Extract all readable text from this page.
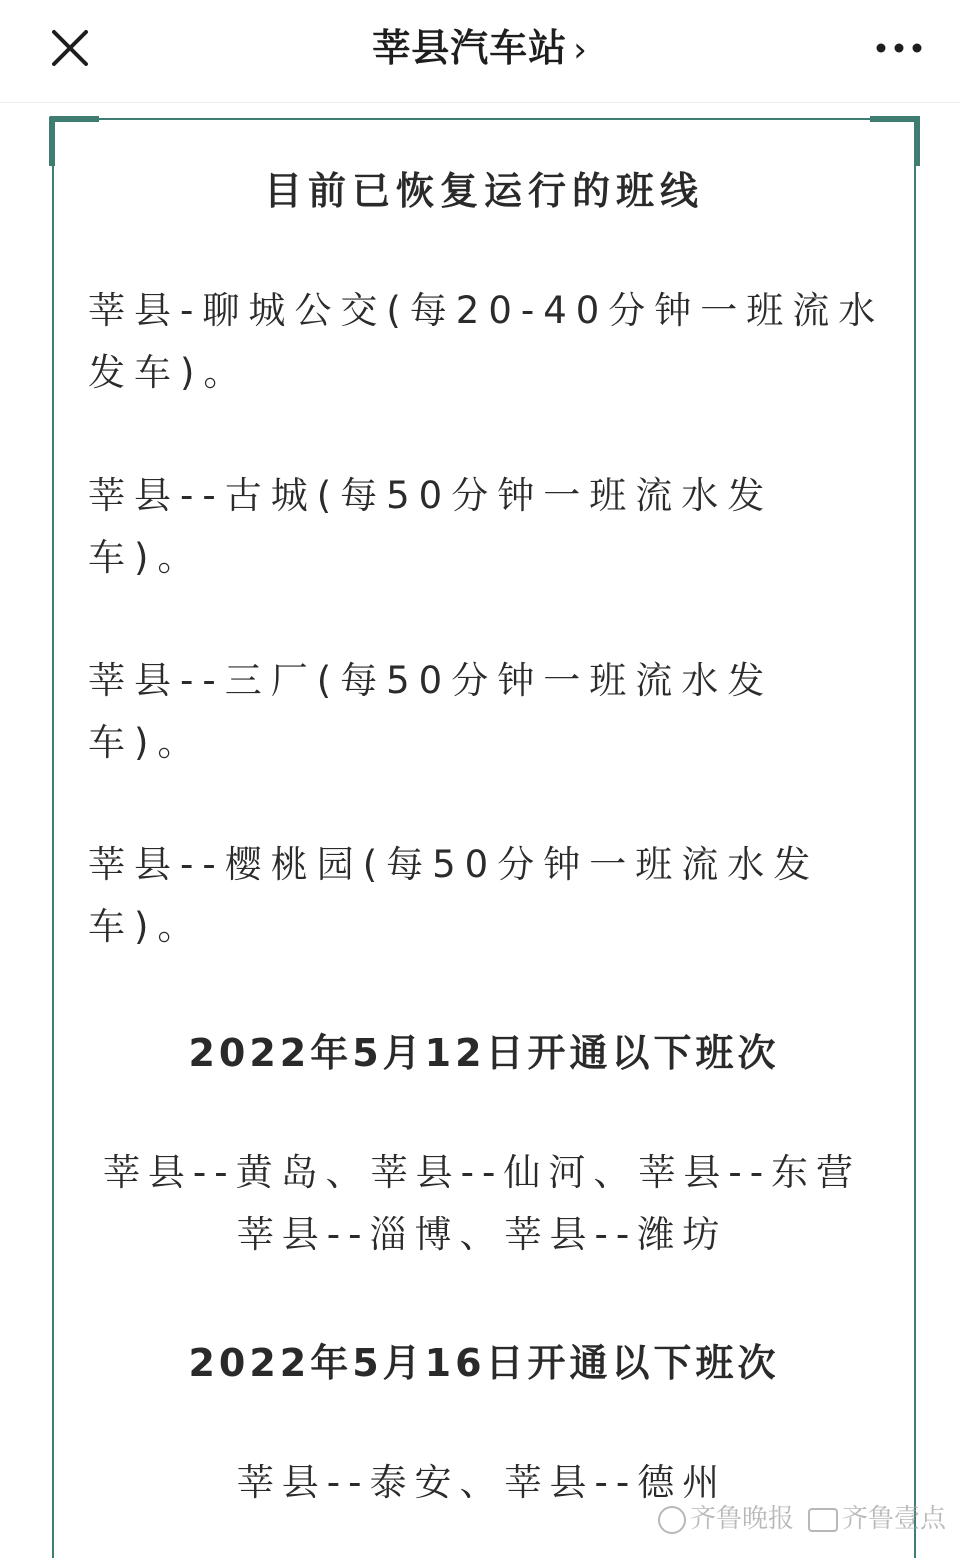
莘县汽车站 ›
目前已恢复运行的班线
莘县-聊城公交(每20-40分钟一班流水发车)。
莘县--古城(每50分钟一班流水发车)。
莘县--三厂(每50分钟一班流水发车)。
莘县--樱桃园(每50分钟一班流水发车)。
2022年5月12日开通以下班次
莘县--黄岛、莘县--仙河、莘县--东营
莘县--淄博、莘县--潍坊
2022年5月16日开通以下班次
莘县--泰安、莘县--德州
齐鲁晚报 齐鲁壹点
